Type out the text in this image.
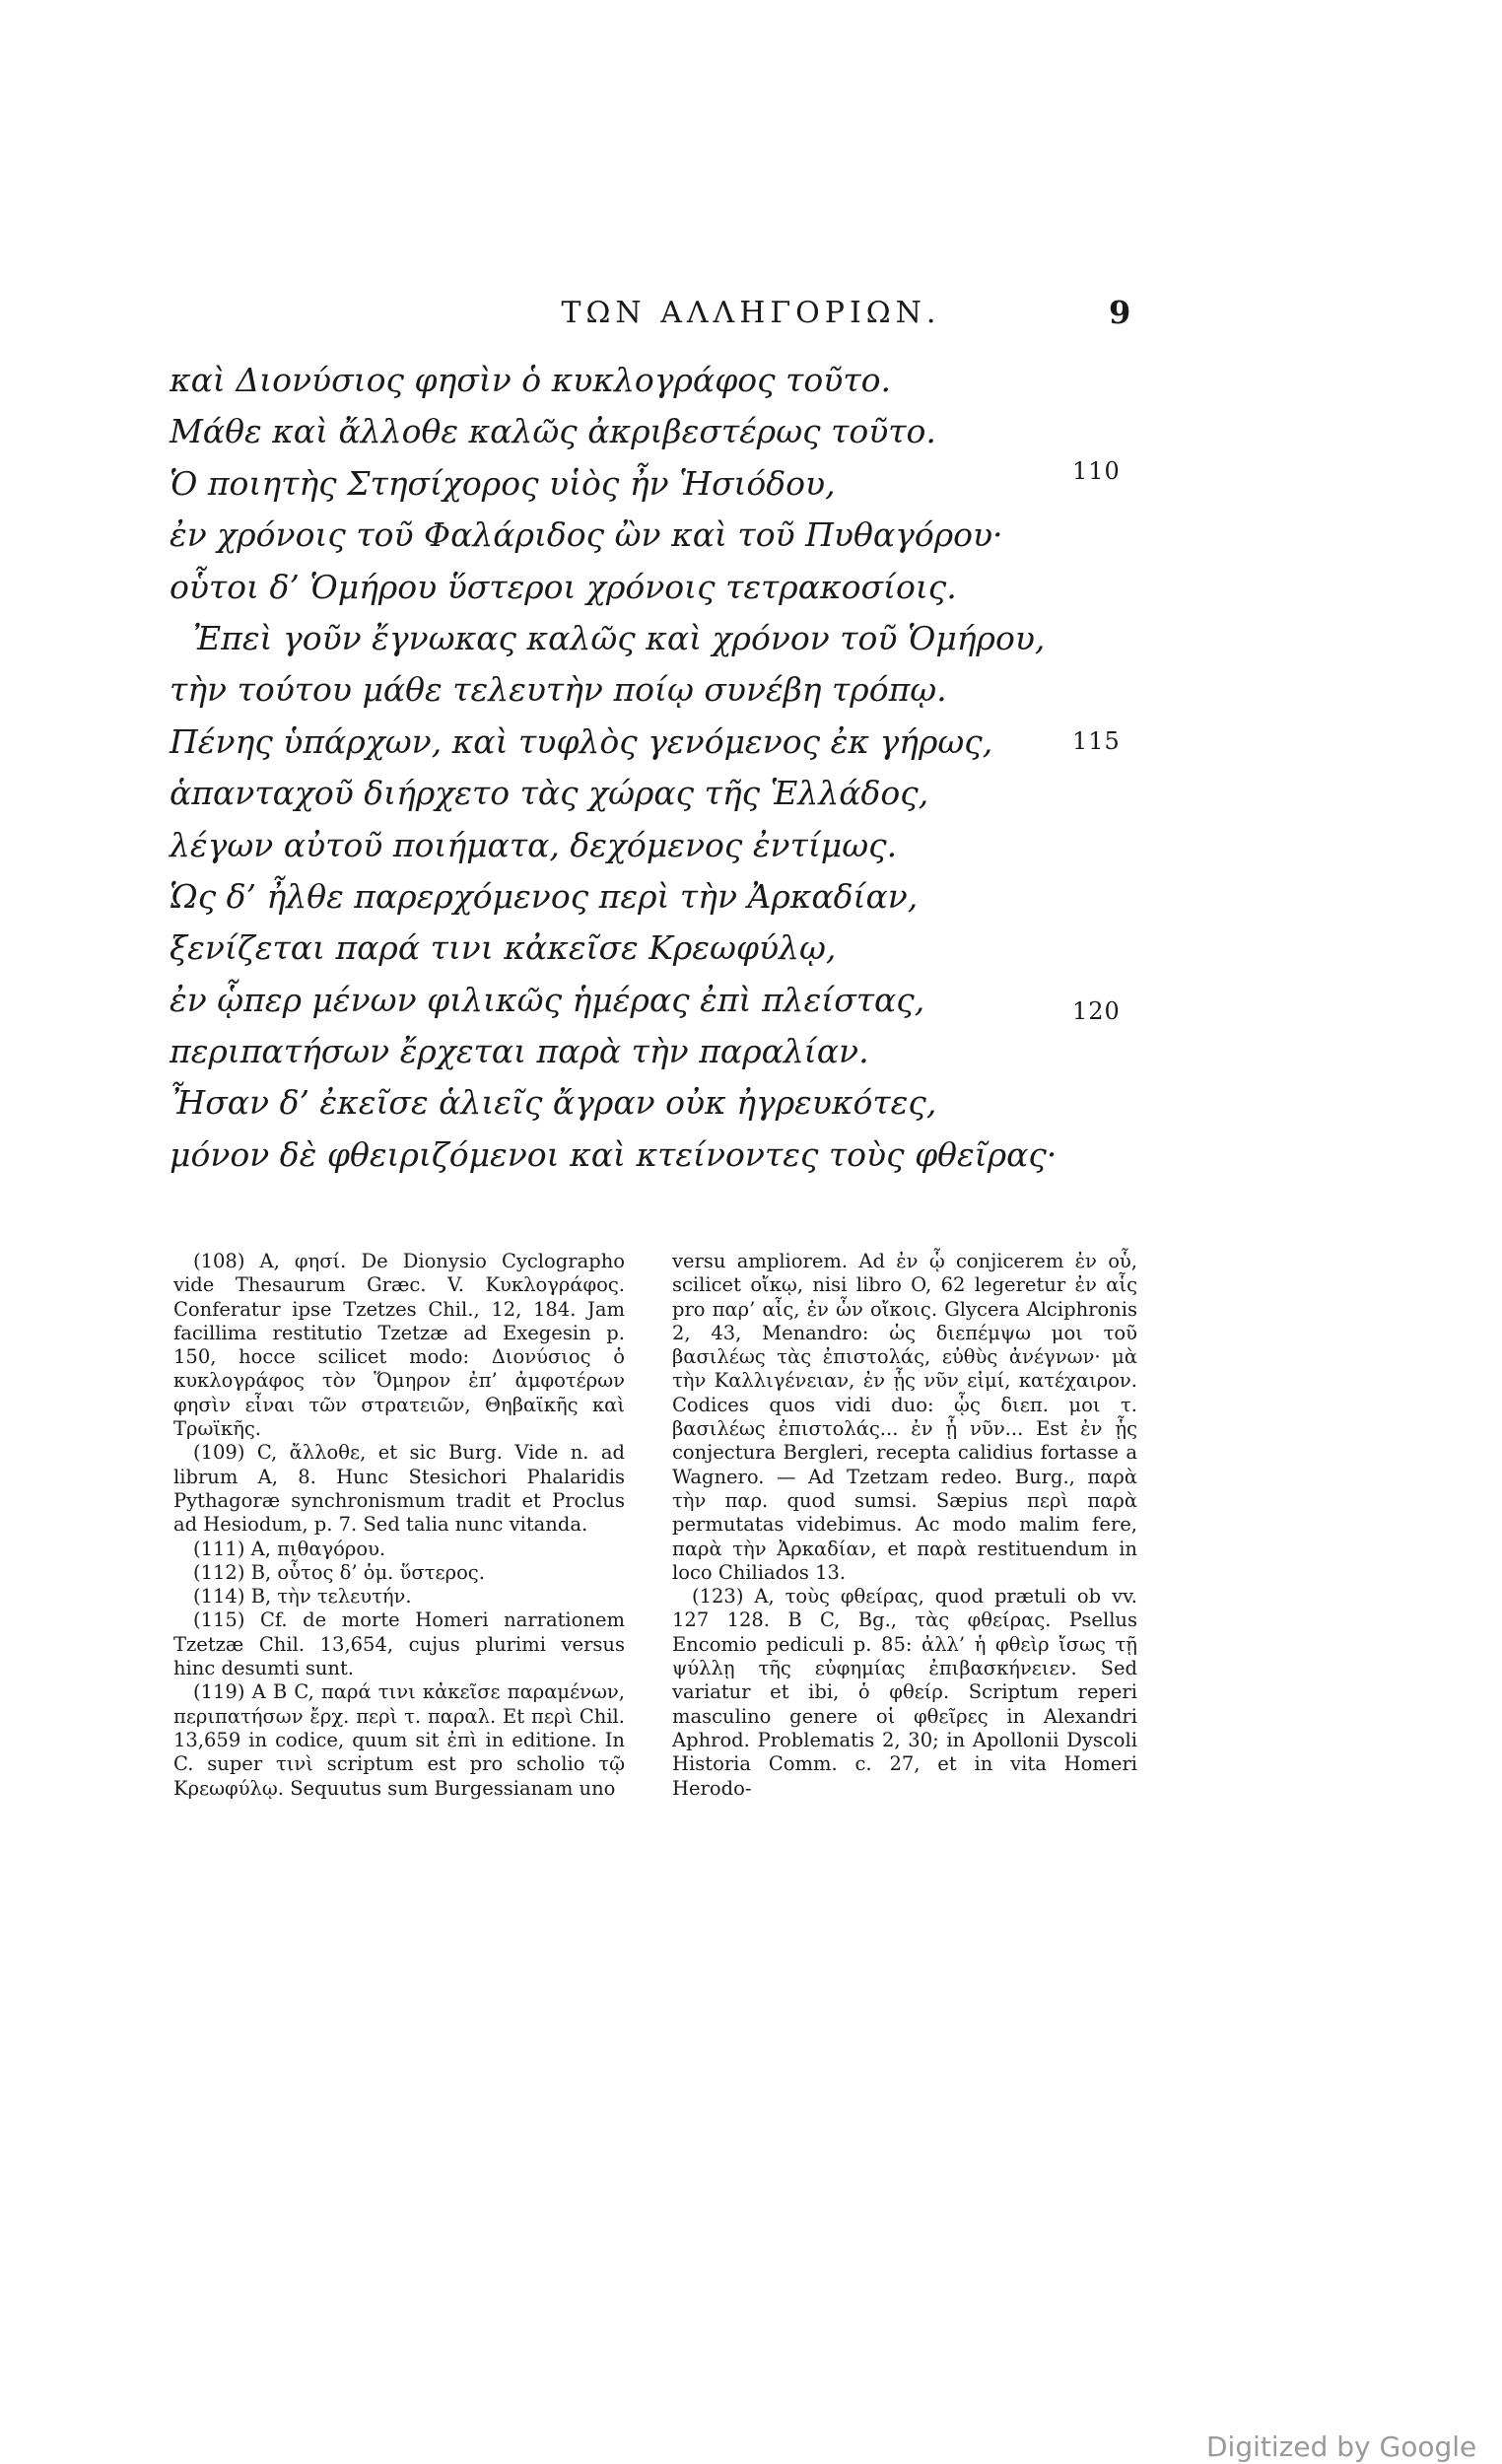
ΤΩΝ ΑΛΛΗΓΟΡΙΩΝ.	9
καὶ Διονύσιος φησὶν ὁ κυκλογράφος τοῦτο.
Μάθε καὶ ἄλλοθε καλῶς ἀκριβεστέρως τοῦτο.
Ὁ ποιητὴς Στησίχορος υἱὸς ἦν Ἡσιόδου,
ἐν χρόνοις τοῦ Φαλάριδος ὢν καὶ τοῦ Πυθαγόρου·
οὗτοι δ’ Ὁμήρου ὕστεροι χρόνοις τετρακοσίοις.
Ἐπεὶ γοῦν ἔγνωκας καλῶς καὶ χρόνον τοῦ Ὁμήρου,
τὴν τούτου μάθε τελευτὴν ποίῳ συνέβη τρόπῳ.
Πένης ὑπάρχων, καὶ τυφλὸς γενόμενος ἐκ γήρως,
ἁπανταχοῦ διήρχετο τὰς χώρας τῆς Ἑλλάδος,
λέγων αὐτοῦ ποιήματα, δεχόμενος ἐντίμως.
Ὡς δ’ ἦλθε παρερχόμενος περὶ τὴν Ἀρκαδίαν,
ξενίζεται παρά τινι κἀκεῖσε Κρεωφύλῳ,
ἐν ᾧπερ μένων φιλικῶς ἡμέρας ἐπὶ πλείστας,
περιπατήσων ἔρχεται παρὰ τὴν παραλίαν.
Ἦσαν δ’ ἐκεῖσε ἁλιεῖς ἄγραν οὐκ ἠγρευκότες,
μόνον δὲ φθειριζόμενοι καὶ κτείνοντες τοὺς φθεῖρας·
110
115
120

(108) Α, φησί. De Dionysio Cyclographo vide Thesaurum Græc. V. Κυκλογράφος. Conferatur ipse Tzetzes Chil., 12, 184. Jam facillima restitutio Tzetzæ ad Exegesin p. 150, hocce scilicet modo: Διονύσιος ὁ κυκλογράφος τὸν Ὅμηρον ἐπ’ ἀμφοτέρων φησὶν εἶναι τῶν στρατειῶν, Θηβαϊκῆς καὶ Τρωϊκῆς.

(109) C, ἄλλοθε, et sic Burg. Vide n. ad librum A, 8. Hunc Stesichori Phalaridis Pythagoræ synchronismum tradit et Proclus ad Hesiodum, p. 7. Sed talia nunc vitanda.

(111) A, πιθαγόρου.

(112) B, οὗτος δ’ ὁμ. ὕστερος.

(114) B, τὴν τελευτήν.

(115) Cf. de morte Homeri narrationem Tzetzæ Chil. 13,654, cujus plurimi versus hinc desumti sunt.

(119) A B C, παρά τινι κἀκεῖσε παραμένων, περιπατήσων ἔρχ. περὶ τ. παραλ. Et περὶ Chil. 13,659 in codice, quum sit ἐπὶ in editione. In C. super τινὶ scriptum est pro scholio τῷ Κρεωφύλῳ. Sequutus sum Burgessianam uno

versu ampliorem. Ad ἐν ᾧ conjicerem ἐν οὗ, scilicet οἴκῳ, nisi libro O, 62 legeretur ἐν αἷς pro παρ’ αἷς, ἐν ὧν οἴκοις. Glycera Alciphronis 2, 43, Menandro: ὡς διεπέμψω μοι τοῦ βασιλέως τὰς ἐπιστολάς, εὐθὺς ἀνέγνων· μὰ τὴν Καλλιγένειαν, ἐν ᾗς νῦν εἰμί, κατέχαιρον. Codices quos vidi duo: ᾧς διεπ. μοι τ. βασιλέως ἐπιστολάς... ἐν ᾗ νῦν... Est ἐν ᾗς conjectura Bergleri, recepta calidius fortasse a Wagnero. — Ad Tzetzam redeo. Burg., παρὰ τὴν παρ. quod sumsi. Sæpius περὶ παρὰ permutatas videbimus. Ac modo malim fere, παρὰ τὴν Ἀρκαδίαν, et παρὰ restituendum in loco Chiliados 13.

(123) A, τοὺς φθείρας, quod prætuli ob vv. 127 128. B C, Bg., τὰς φθείρας. Psellus Encomio pediculi p. 85: ἀλλ’ ἡ φθεὶρ ἴσως τῇ ψύλλῃ τῆς εὐφημίας ἐπιβασκήνειεν. Sed variatur et ibi, ὁ φθείρ. Scriptum reperi masculino genere οἱ φθεῖρες in Alexandri Aphrod. Problematis 2, 30; in Apollonii Dyscoli Historia Comm. c. 27, et in vita Homeri Herodo-

Digitized by Google
